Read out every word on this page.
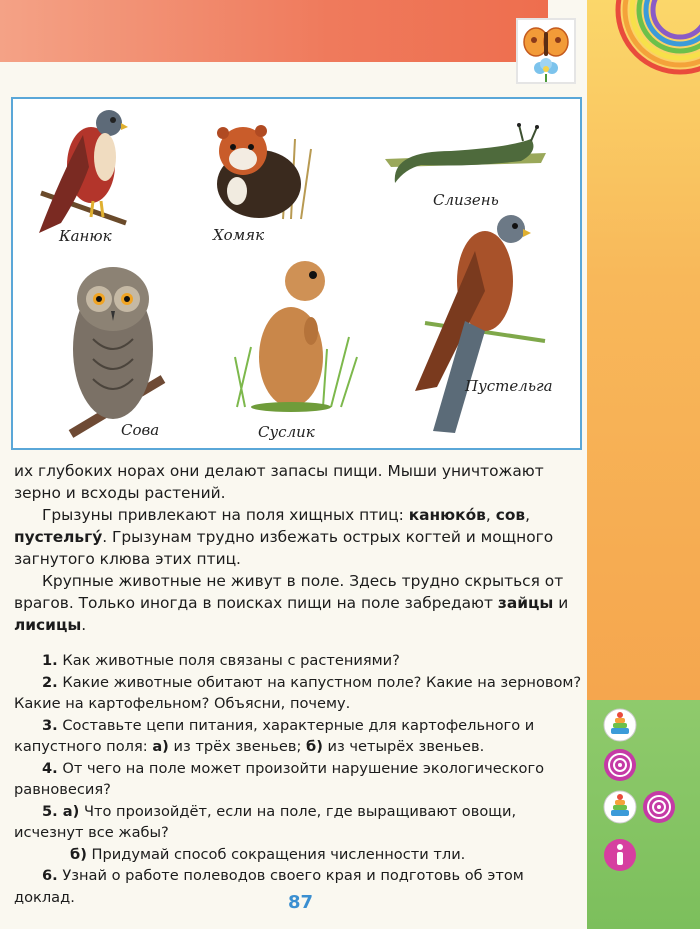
Канюк	Хомяк
Слизень
Сова	Суслик
Пустельга

их глубоких норах они делают запасы пищи. Мыши уничтожают зерно и всходы растений.

Грызуны привлекают на поля хищных птиц: канюко́в, сов, пустельгу́. Грызунам трудно избежать острых когтей и мощного загнутого клюва этих птиц.

Крупные животные не живут в поле. Здесь трудно скрыться от врагов. Только иногда в поисках пищи на поле забредают зайцы и лисицы.

1. Как животные поля связаны с растениями?

2. Какие животные обитают на капустном поле? Какие на зерновом? Какие на картофельном? Объясни, почему.

3. Составьте цепи питания, характерные для картофельного и капустного поля: а) из трёх звеньев; б) из четырёх звеньев.

4. От чего на поле может произойти нарушение экологического равновесия?

5. а) Что произойдёт, если на поле, где выращивают овощи, исчезнут все жабы?

б) Придумай способ сокращения численности тли.

6. Узнай о работе полеводов своего края и подготовь об этом доклад.	87
